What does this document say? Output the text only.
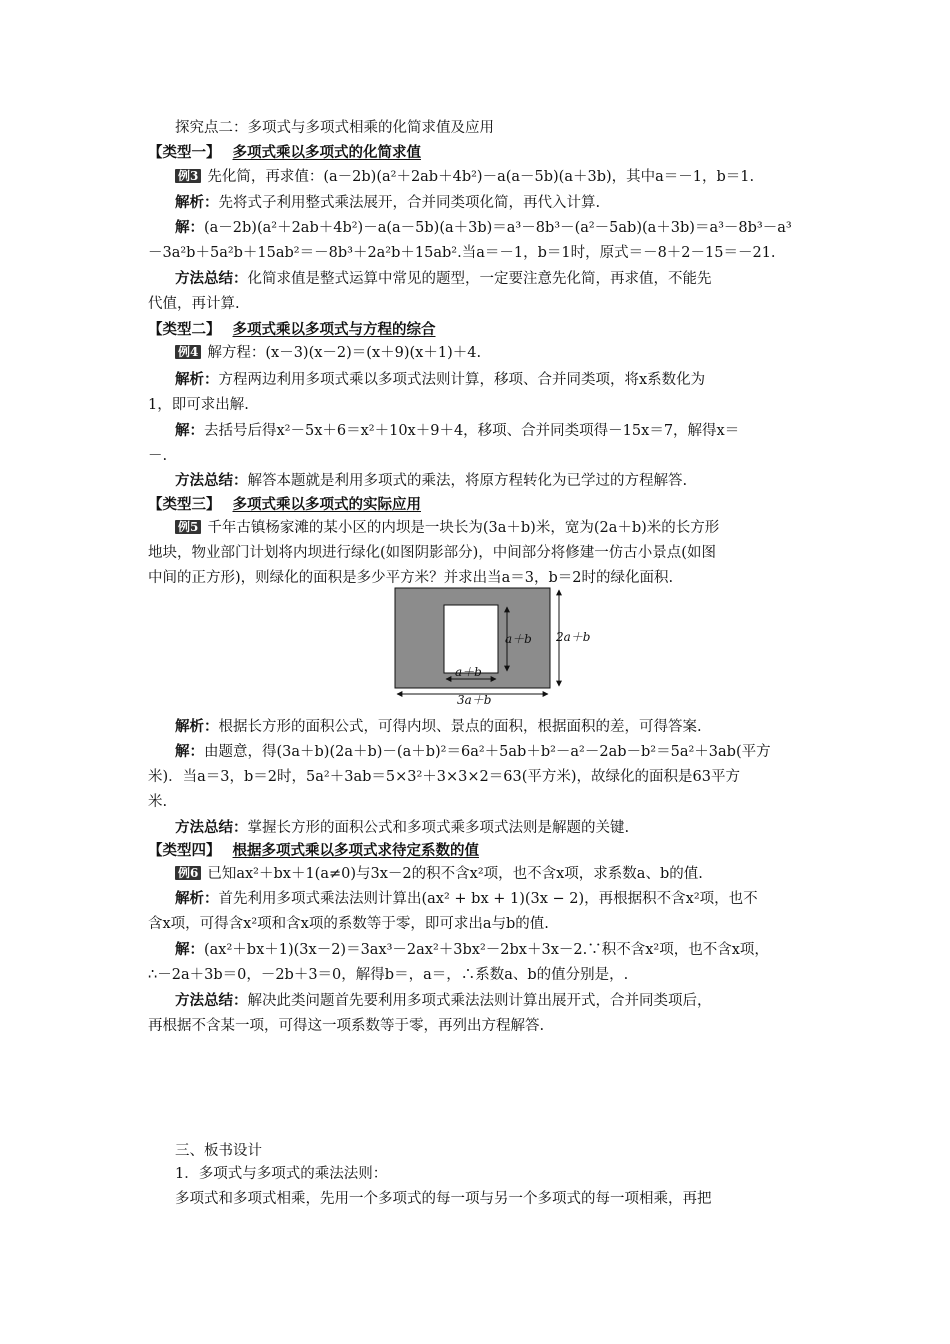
探究点二：多项式与多项式相乘的化简求值及应用
【类型一】 多项式乘以多项式的化简求值
例3 先化简，再求值：(a－2b)(a²＋2ab＋4b²)－a(a－5b)(a＋3b)，其中a＝－1，b＝1.
解析：先将式子利用整式乘法展开，合并同类项化简，再代入计算.
解：(a－2b)(a²＋2ab＋4b²)－a(a－5b)(a＋3b)＝a³－8b³－(a²－5ab)(a＋3b)＝a³－8b³－a³
－3a²b＋5a²b＋15ab²＝－8b³＋2a²b＋15ab².当a＝－1，b＝1时，原式＝－8＋2－15＝－21.
方法总结：化简求值是整式运算中常见的题型，一定要注意先化简，再求值，不能先
代值，再计算.
【类型二】 多项式乘以多项式与方程的综合
例4 解方程：(x－3)(x－2)＝(x＋9)(x＋1)＋4.
解析：方程两边利用多项式乘以多项式法则计算，移项、合并同类项，将x系数化为
1，即可求出解.
解：去括号后得x²－5x＋6＝x²＋10x＋9＋4，移项、合并同类项得－15x＝7，解得x＝
－.
方法总结：解答本题就是利用多项式的乘法，将原方程转化为已学过的方程解答.
【类型三】 多项式乘以多项式的实际应用
例5 千年古镇杨家滩的某小区的内坝是一块长为(3a＋b)米，宽为(2a＋b)米的长方形
地块，物业部门计划将内坝进行绿化(如图阴影部分)，中间部分将修建一仿古小景点(如图
中间的正方形)，则绿化的面积是多少平方米？并求出当a＝3，b＝2时的绿化面积.
a＋b
a＋b
2a＋b
3a＋b
解析：根据长方形的面积公式，可得内坝、景点的面积，根据面积的差，可得答案.
解：由题意，得(3a＋b)(2a＋b)－(a＋b)²＝6a²＋5ab＋b²－a²－2ab－b²＝5a²＋3ab(平方
米)．当a＝3，b＝2时，5a²＋3ab＝5×3²＋3×3×2＝63(平方米)，故绿化的面积是63平方
米.
方法总结：掌握长方形的面积公式和多项式乘多项式法则是解题的关键.
【类型四】 根据多项式乘以多项式求待定系数的值
例6 已知ax²＋bx＋1(a≠0)与3x－2的积不含x²项，也不含x项，求系数a、b的值.
解析：首先利用多项式乘法法则计算出(ax² + bx + 1)(3x − 2)，再根据积不含x²项，也不
含x项，可得含x²项和含x项的系数等于零，即可求出a与b的值.
解：(ax²＋bx＋1)(3x－2)＝3ax³－2ax²＋3bx²－2bx＋3x－2.∵积不含x²项，也不含x项，
∴－2a＋3b＝0，－2b＋3＝0，解得b＝，a＝，∴系数a、b的值分别是，.
方法总结：解决此类问题首先要利用多项式乘法法则计算出展开式，合并同类项后，
再根据不含某一项，可得这一项系数等于零，再列出方程解答.
三、板书设计
1．多项式与多项式的乘法法则：
多项式和多项式相乘，先用一个多项式的每一项与另一个多项式的每一项相乘，再把
